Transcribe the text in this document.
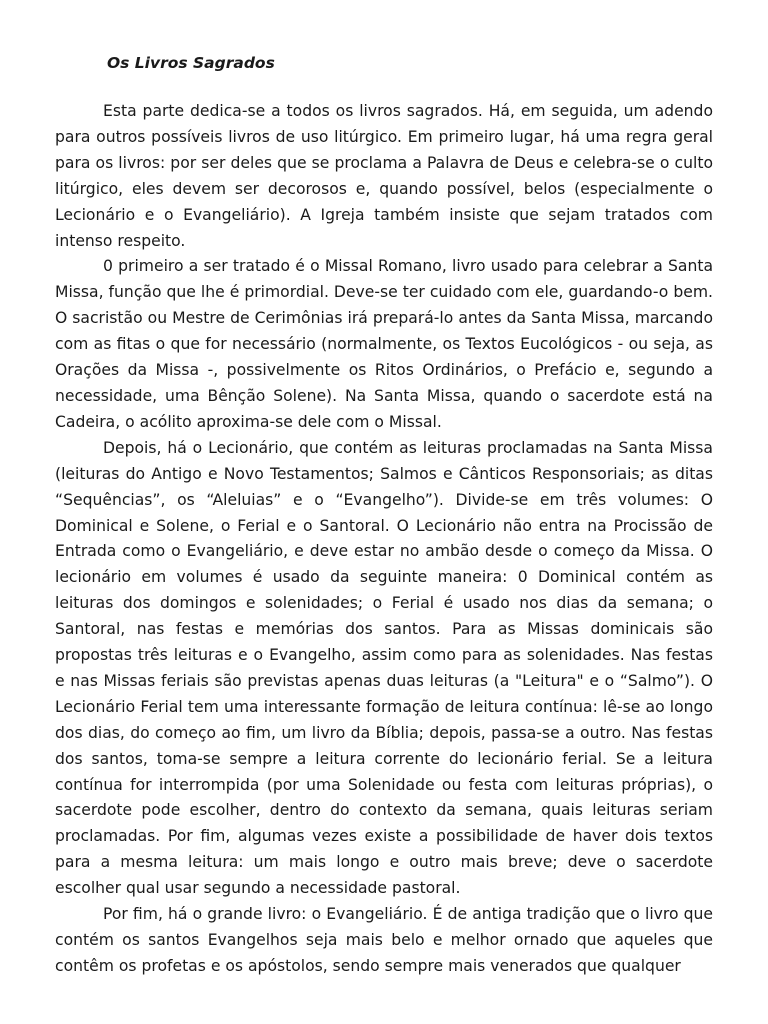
Os Livros Sagrados

Esta parte dedica-se a todos os livros sagrados. Há, em seguida, um adendo para outros possíveis livros de uso litúrgico. Em primeiro lugar, há uma regra geral para os livros: por ser deles que se proclama a Palavra de Deus e celebra-se o culto litúrgico, eles devem ser decorosos e, quando possível, belos (especialmente o Lecionário e o Evangeliário). A Igreja também insiste que sejam tratados com intenso respeito.

0 primeiro a ser tratado é o Missal Romano, livro usado para celebrar a Santa Missa, função que lhe é primordial. Deve-se ter cuidado com ele, guardando-o bem. O sacristão ou Mestre de Cerimônias irá prepará-lo antes da Santa Missa, marcando com as fitas o que for necessário (normalmente, os Textos Eucológicos - ou seja, as Orações da Missa -, possivelmente os Ritos Ordinários, o Prefácio e, segundo a necessidade, uma Bênção Solene). Na Santa Missa, quando o sacerdote está na Cadeira, o acólito aproxima-se dele com o Missal.

Depois, há o Lecionário, que contém as leituras proclamadas na Santa Missa (leituras do Antigo e Novo Testamentos; Salmos e Cânticos Responsoriais; as ditas “Sequências”, os “Aleluias” e o “Evangelho”). Divide-se em três volumes: O Dominical e Solene, o Ferial e o Santoral. O Lecionário não entra na Procissão de Entrada como o Evangeliário, e deve estar no ambão desde o começo da Missa. O lecionário em volumes é usado da seguinte maneira: 0 Dominical contém as leituras dos domingos e solenidades; o Ferial é usado nos dias da semana; o Santoral, nas festas e memórias dos santos. Para as Missas dominicais são propostas três leituras e o Evangelho, assim como para as solenidades. Nas festas e nas Missas feriais são previstas apenas duas leituras (a "Leitura" e o “Salmo”). O Lecionário Ferial tem uma interessante formação de leitura contínua: lê-se ao longo dos dias, do começo ao fim, um livro da Bíblia; depois, passa-se a outro. Nas festas dos santos, toma-se sempre a leitura corrente do lecionário ferial. Se a leitura contínua for interrompida (por uma Solenidade ou festa com leituras próprias), o sacerdote pode escolher, dentro do contexto da semana, quais leituras seriam proclamadas. Por fim, algumas vezes existe a possibilidade de haver dois textos para a mesma leitura: um mais longo e outro mais breve; deve o sacerdote escolher qual usar segundo a necessidade pastoral.

Por fim, há o grande livro: o Evangeliário. É de antiga tradição que o livro que contém os santos Evangelhos seja mais belo e melhor ornado que aqueles que contêm os profetas e os apóstolos, sendo sempre mais venerados que qualquer
